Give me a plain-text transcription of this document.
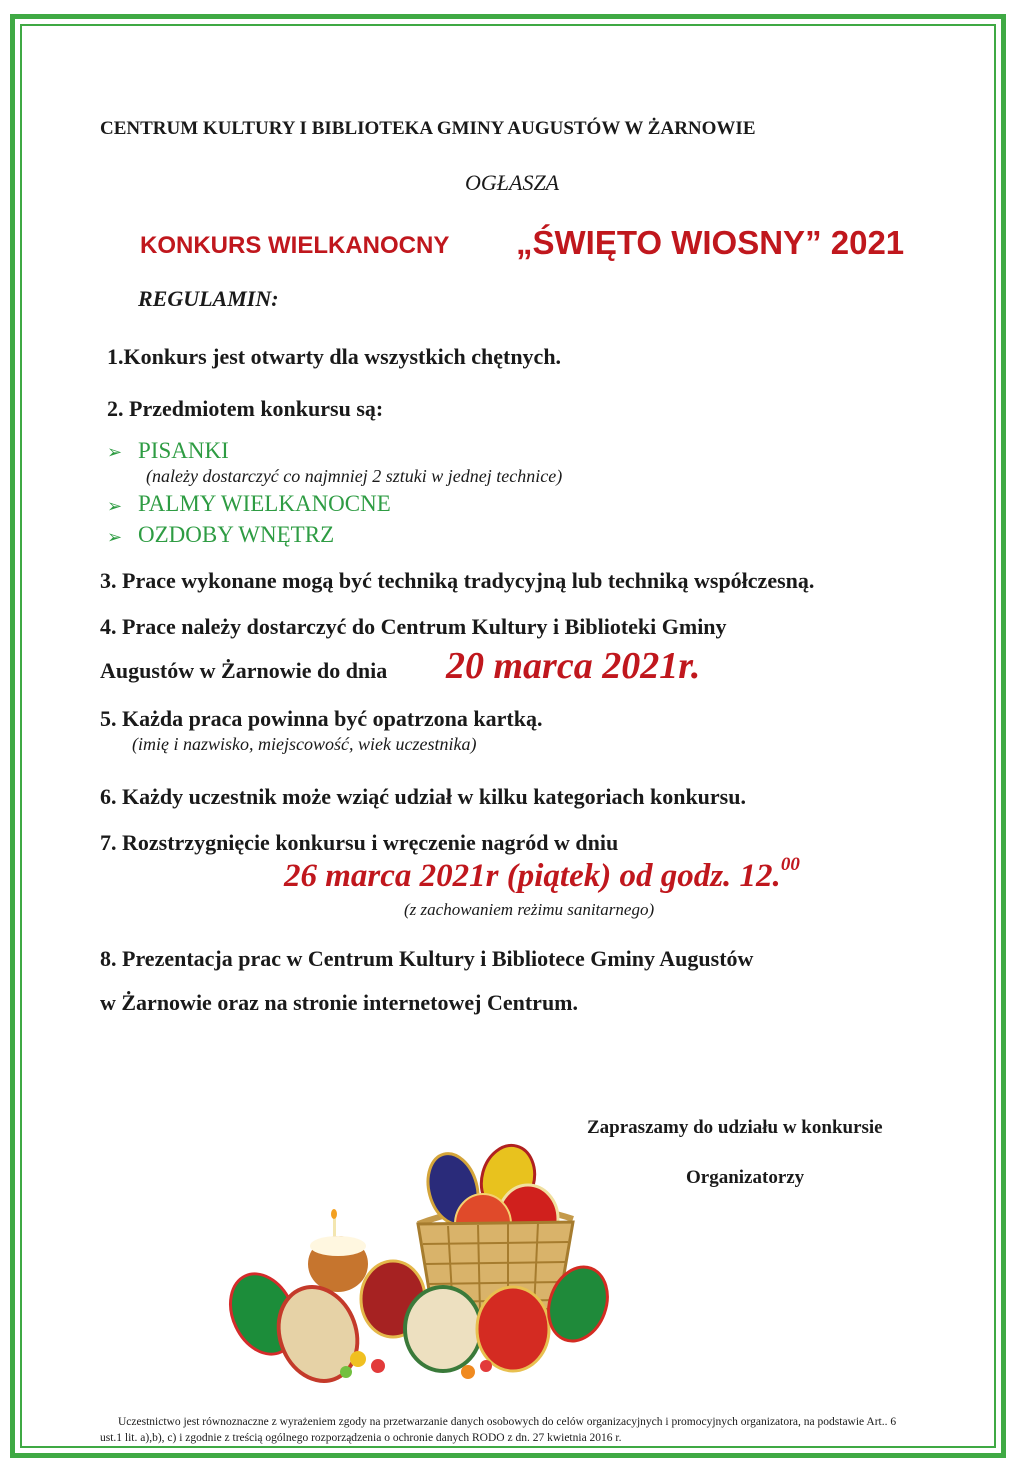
CENTRUM KULTURY I BIBLIOTEKA GMINY AUGUSTÓW W ŻARNOWIE
OGŁASZA
KONKURS WIELKANOCNY „ŚWIĘTO WIOSNY” 2021
REGULAMIN:
1.Konkurs jest otwarty dla wszystkich chętnych.
2. Przedmiotem konkursu są:
➢ PISANKI
(należy dostarczyć co najmniej 2 sztuki w jednej technice)
➢ PALMY WIELKANOCNE
➢ OZDOBY WNĘTRZ
3. Prace wykonane mogą być techniką tradycyjną lub techniką współczesną.
4. Prace należy dostarczyć do Centrum Kultury i Biblioteki Gminy
Augustów w Żarnowie do dnia 20 marca 2021r.
5. Każda praca powinna być opatrzona kartką.
(imię i nazwisko, miejscowość, wiek uczestnika)
6. Każdy uczestnik może wziąć udział w kilku kategoriach konkursu.
7. Rozstrzygnięcie konkursu i wręczenie nagród w dniu
26 marca 2021r (piątek) od godz. 12.00
(z zachowaniem reżimu sanitarnego)
8. Prezentacja prac w Centrum Kultury i Bibliotece Gminy Augustów
w Żarnowie oraz na stronie internetowej Centrum.
Zapraszamy do udziału w konkursie
Organizatorzy
Uczestnictwo jest równoznaczne z wyrażeniem zgody na przetwarzanie danych osobowych do celów organizacyjnych i promocyjnych organizatora, na podstawie Art.. 6 ust.1 lit. a),b), c) i zgodnie z treścią ogólnego rozporządzenia o ochronie danych RODO z dn. 27 kwietnia 2016 r.
